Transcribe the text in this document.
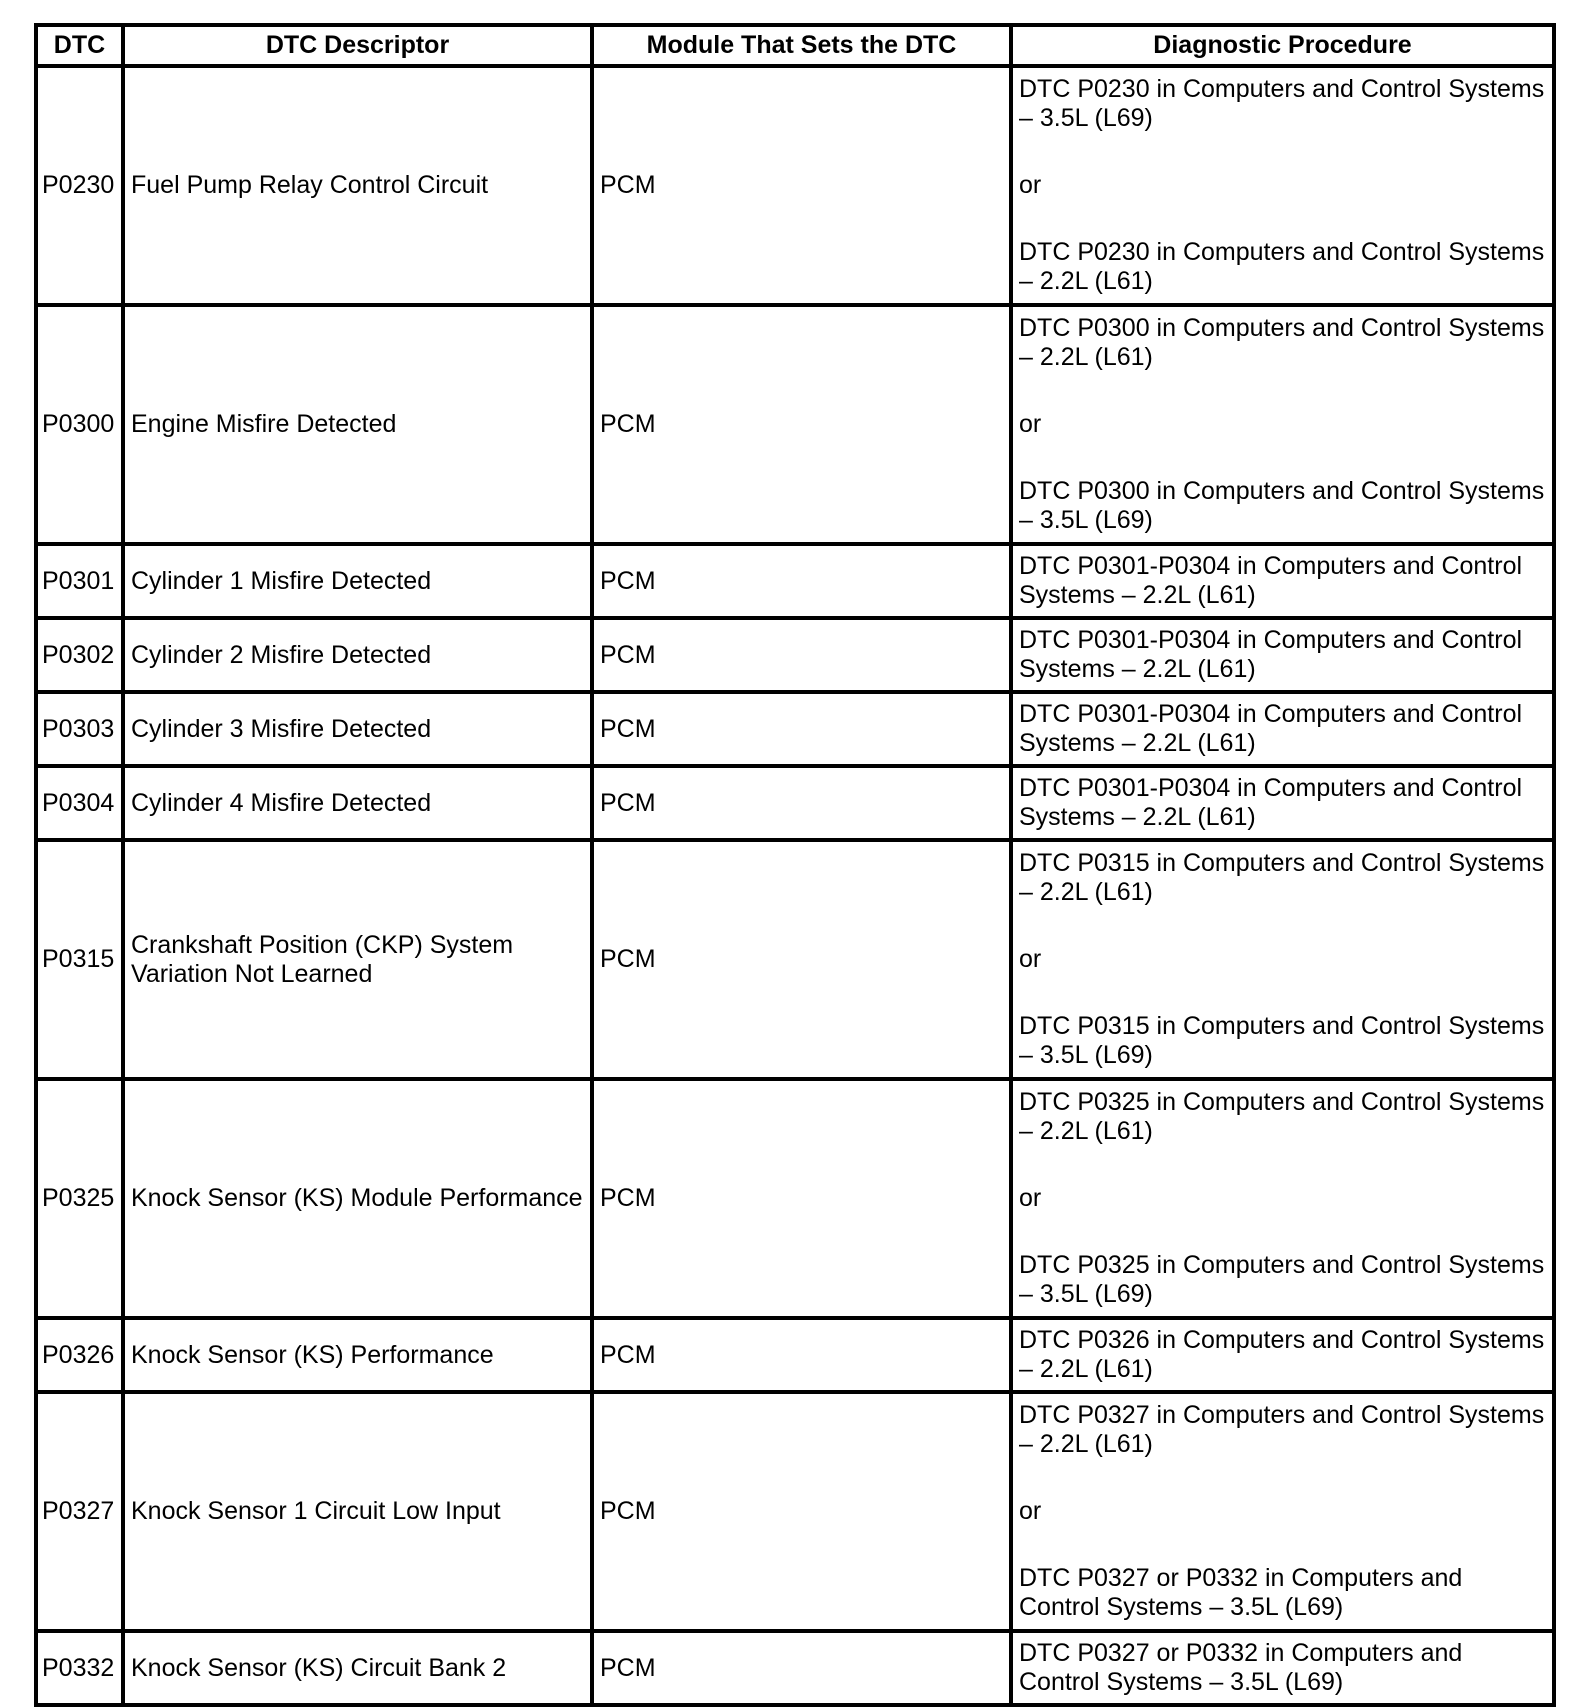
DTC	DTC Descriptor	Module That Sets the DTC	Diagnostic Procedure
P0230	Fuel Pump Relay Control Circuit	PCM	DTC P0230 in Computers and Control Systems – 3.5L (L69)
or
DTC P0230 in Computers and Control Systems – 2.2L (L61)

P0300	Engine Misfire Detected	PCM	DTC P0300 in Computers and Control Systems – 2.2L (L61)
or
DTC P0300 in Computers and Control Systems – 3.5L (L69)

P0301	Cylinder 1 Misfire Detected	PCM	DTC P0301-P0304 in Computers and Control Systems – 2.2L (L61)
P0302	Cylinder 2 Misfire Detected	PCM	DTC P0301-P0304 in Computers and Control Systems – 2.2L (L61)
P0303	Cylinder 3 Misfire Detected	PCM	DTC P0301-P0304 in Computers and Control Systems – 2.2L (L61)
P0304	Cylinder 4 Misfire Detected	PCM	DTC P0301-P0304 in Computers and Control Systems – 2.2L (L61)
P0315	Crankshaft Position (CKP) System Variation Not Learned	PCM	DTC P0315 in Computers and Control Systems – 2.2L (L61)
or
DTC P0315 in Computers and Control Systems – 3.5L (L69)

P0325	Knock Sensor (KS) Module Performance	PCM	DTC P0325 in Computers and Control Systems – 2.2L (L61)
or
DTC P0325 in Computers and Control Systems – 3.5L (L69)

P0326	Knock Sensor (KS) Performance	PCM	DTC P0326 in Computers and Control Systems – 2.2L (L61)
P0327	Knock Sensor 1 Circuit Low Input	PCM	DTC P0327 in Computers and Control Systems – 2.2L (L61)
or
DTC P0327 or P0332 in Computers and Control Systems – 3.5L (L69)

P0332	Knock Sensor (KS) Circuit Bank 2	PCM	DTC P0327 or P0332 in Computers and Control Systems – 3.5L (L69)
